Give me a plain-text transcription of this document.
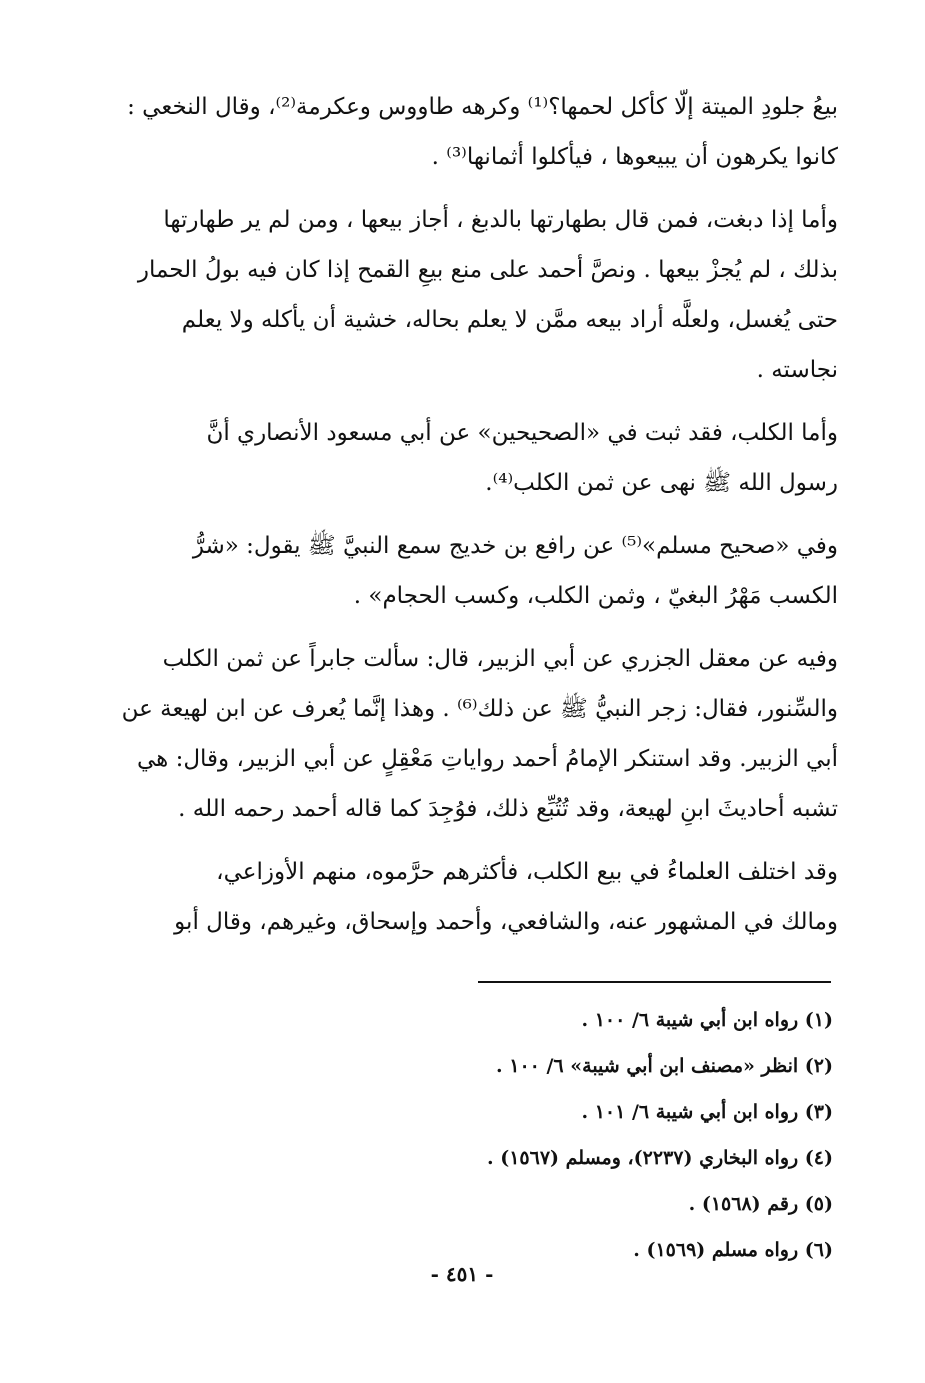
بيعُ جلودِ الميتة إلّا كأكل لحمها؟⁽¹⁾ وكرهه طاووس وعكرمة⁽²⁾، وقال النخعي :
كانوا يكرهون أن يبيعوها ، فيأكلوا أثمانها⁽³⁾ .
وأما إذا دبغت، فمن قال بطهارتها بالدبغ ، أجاز بيعها ، ومن لم ير طهارتها
بذلك ، لم يُجزْ بيعها . ونصَّ أحمد على منع بيعِ القمح إذا كان فيه بولُ الحمار
حتى يُغسل، ولعلَّه أراد بيعه ممَّن لا يعلم بحاله، خشية أن يأكله ولا يعلم
نجاسته .
وأما الكلب، فقد ثبت في «الصحيحين» عن أبي مسعود الأنصاري أنَّ
رسول الله ﷺ نهى عن ثمن الكلب⁽⁴⁾.
وفي «صحيح مسلم»⁽⁵⁾ عن رافع بن خديج سمع النبيَّ ﷺ يقول: «شرُّ
الكسب مَهْرُ البغيّ ، وثمن الكلب، وكسب الحجام» .
وفيه عن معقل الجزري عن أبي الزبير، قال: سألت جابراً عن ثمن الكلب
والسِّنور، فقال: زجر النبيُّ ﷺ عن ذلك⁽⁶⁾ . وهذا إنَّما يُعرف عن ابن لهيعة عن
أبي الزبير. وقد استنكر الإمامُ أحمد رواياتِ مَعْقِلٍ عن أبي الزبير، وقال: هي
تشبه أحاديثَ ابنِ لهيعة، وقد تُتُبِّع ذلك، فوُجِدَ كما قاله أحمد رحمه الله .
وقد اختلف العلماءُ في بيع الكلب، فأكثرهم حرَّموه، منهم الأوزاعي،
ومالك في المشهور عنه، والشافعي، وأحمد وإسحاق، وغيرهم، وقال أبو
(١) رواه ابن أبي شيبة ٦/ ١٠٠ .
(٢) انظر «مصنف ابن أبي شيبة» ٦/ ١٠٠ .
(٣) رواه ابن أبي شيبة ٦/ ١٠١ .
(٤) رواه البخاري (٢٢٣٧)، ومسلم (١٥٦٧) .
(٥) رقم (١٥٦٨) .
(٦) رواه مسلم (١٥٦٩) .
- ٤٥١ -
